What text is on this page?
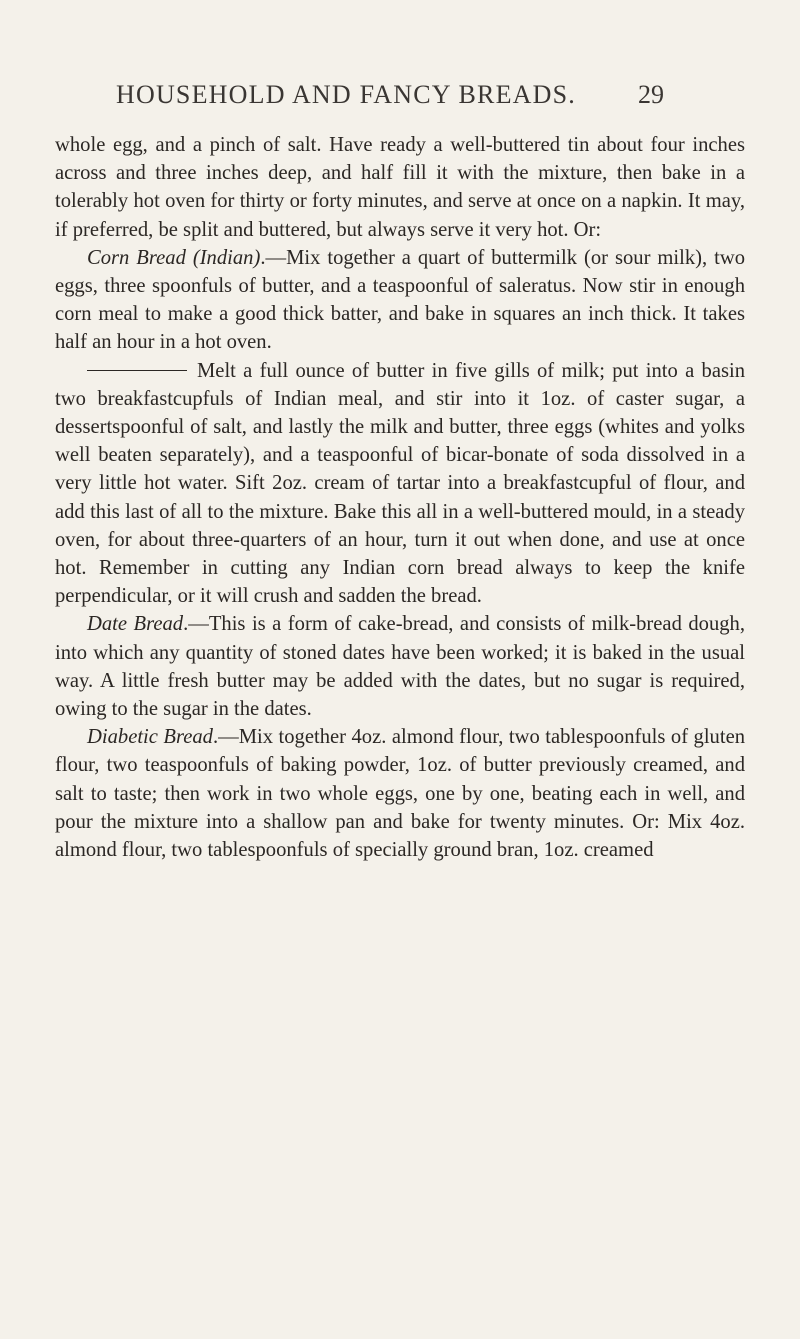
HOUSEHOLD AND FANCY BREADS. 29

whole egg, and a pinch of salt. Have ready a well-buttered tin about four inches across and three inches deep, and half fill it with the mixture, then bake in a tolerably hot oven for thirty or forty minutes, and serve at once on a napkin. It may, if preferred, be split and buttered, but always serve it very hot. Or:

Corn Bread (Indian).—Mix together a quart of buttermilk (or sour milk), two eggs, three spoonfuls of butter, and a teaspoonful of saleratus. Now stir in enough corn meal to make a good thick batter, and bake in squares an inch thick. It takes half an hour in a hot oven.

Melt a full ounce of butter in five gills of milk; put into a basin two breakfastcupfuls of Indian meal, and stir into it 1oz. of caster sugar, a dessertspoonful of salt, and lastly the milk and butter, three eggs (whites and yolks well beaten separately), and a teaspoonful of bicar-bonate of soda dissolved in a very little hot water. Sift 2oz. cream of tartar into a breakfastcupful of flour, and add this last of all to the mixture. Bake this all in a well-buttered mould, in a steady oven, for about three-quarters of an hour, turn it out when done, and use at once hot. Remember in cutting any Indian corn bread always to keep the knife perpendicular, or it will crush and sadden the bread.

Date Bread.—This is a form of cake-bread, and consists of milk-bread dough, into which any quantity of stoned dates have been worked; it is baked in the usual way. A little fresh butter may be added with the dates, but no sugar is required, owing to the sugar in the dates.

Diabetic Bread.—Mix together 4oz. almond flour, two tablespoonfuls of gluten flour, two teaspoonfuls of baking powder, 1oz. of butter previously creamed, and salt to taste; then work in two whole eggs, one by one, beating each in well, and pour the mixture into a shallow pan and bake for twenty minutes. Or: Mix 4oz. almond flour, two tablespoonfuls of specially ground bran, 1oz. creamed
